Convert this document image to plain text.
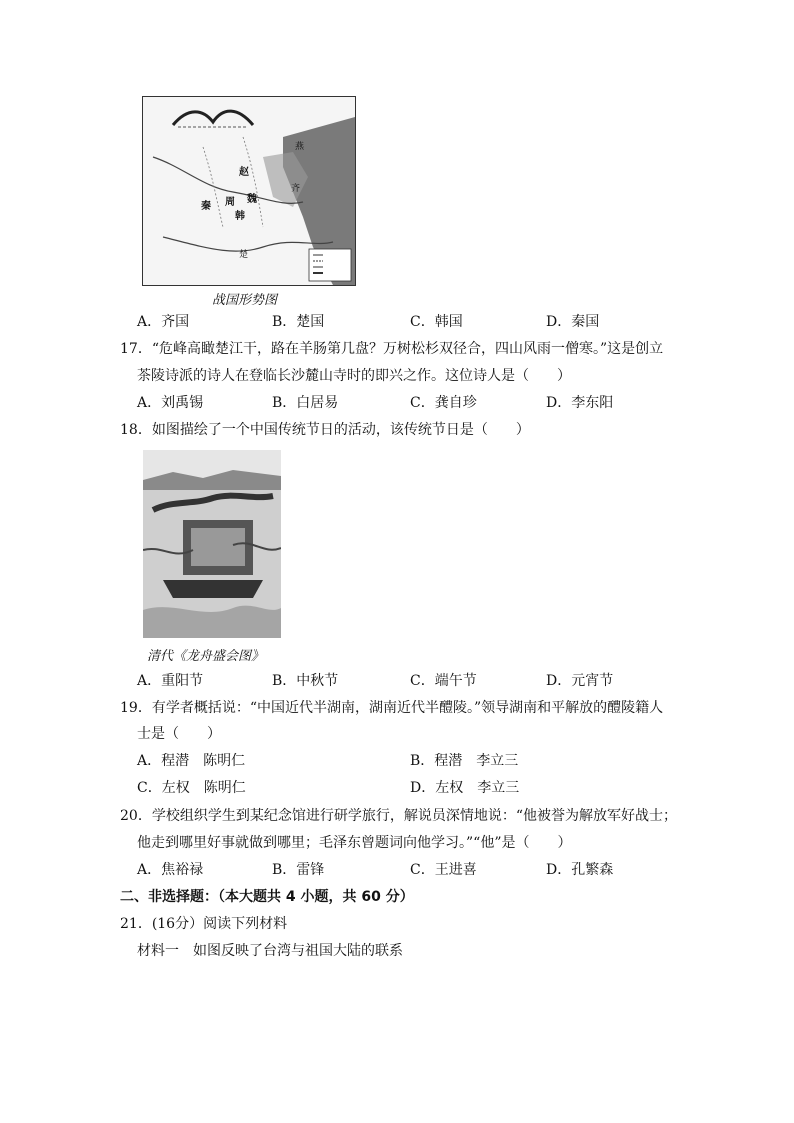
燕
齐
赵
魏
秦 周
韩
楚
战国形势图
A．齐国	B．楚国	C．韩国	D．秦国
17．“危峰高瞰楚江干，路在羊肠第几盘？万树松杉双径合，四山风雨一僧寒。”这是创立
茶陵诗派的诗人在登临长沙麓山寺时的即兴之作。这位诗人是（　　）
A．刘禹锡	B．白居易	C．龚自珍	D．李东阳
18．如图描绘了一个中国传统节日的活动，该传统节日是（　　）
清代《龙舟盛会图》
A．重阳节	B．中秋节	C．端午节	D．元宵节
19．有学者概括说：“中国近代半湖南，湖南近代半醴陵。”领导湖南和平解放的醴陵籍人
士是（　　）
A．程潜　陈明仁	B．程潜　李立三
C．左权　陈明仁	D．左权　李立三
20．学校组织学生到某纪念馆进行研学旅行，解说员深情地说：“他被誉为解放军好战士；
他走到哪里好事就做到哪里；毛泽东曾题词向他学习。”“他”是（　　）
A．焦裕禄	B．雷锋	C．王进喜	D．孔繁森
二、非选择题：（本大题共 4 小题，共 60 分）
21．(16分）阅读下列材料
材料一　如图反映了台湾与祖国大陆的联系
